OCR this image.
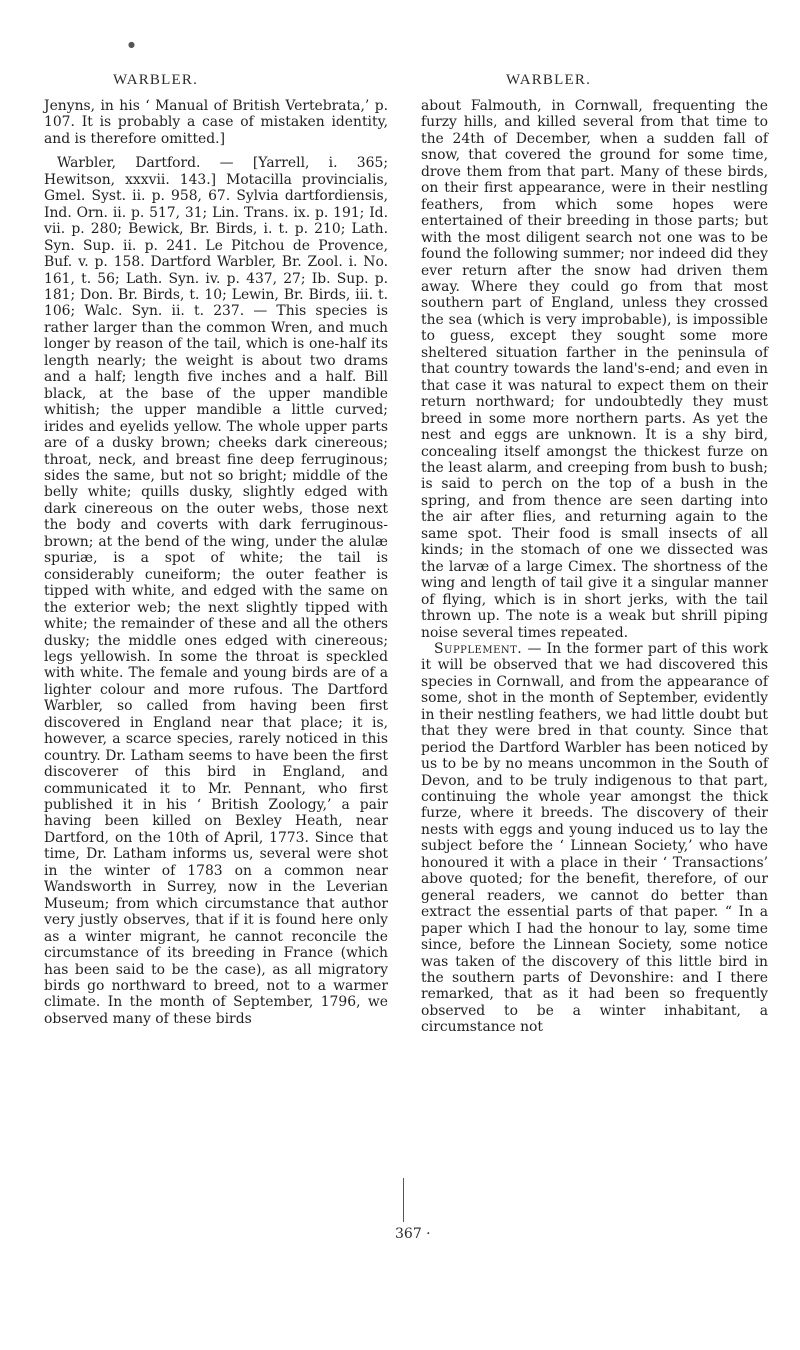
●
WARBLER.	WARBLER.

Jenyns, in his ‘ Manual of British Vertebrata,’ p. 107. It is probably a case of mistaken identity, and is therefore omitted.]

Warbler, Dartford. — [Yarrell, i. 365; Hewitson, xxxvii. 143.] Motacilla provincialis, Gmel. Syst. ii. p. 958, 67. Sylvia dartfordiensis, Ind. Orn. ii. p. 517, 31; Lin. Trans. ix. p. 191; Id. vii. p. 280; Bewick, Br. Birds, i. t. p. 210; Lath. Syn. Sup. ii. p. 241. Le Pitchou de Provence, Buf. v. p. 158. Dartford Warbler, Br. Zool. i. No. 161, t. 56; Lath. Syn. iv. p. 437, 27; Ib. Sup. p. 181; Don. Br. Birds, t. 10; Lewin, Br. Birds, iii. t. 106; Walc. Syn. ii. t. 237. — This species is rather larger than the common Wren, and much longer by reason of the tail, which is one-half its length nearly; the weight is about two drams and a half; length five inches and a half. Bill black, at the base of the upper mandible whitish; the upper mandible a little curved; irides and eyelids yellow. The whole upper parts are of a dusky brown; cheeks dark cinereous; throat, neck, and breast fine deep ferruginous; sides the same, but not so bright; middle of the belly white; quills dusky, slightly edged with dark cinereous on the outer webs, those next the body and coverts with dark ferruginous-brown; at the bend of the wing, under the alulæ spuriæ, is a spot of white; the tail is considerably cuneiform; the outer feather is tipped with white, and edged with the same on the exterior web; the next slightly tipped with white; the remainder of these and all the others dusky; the middle ones edged with cinereous; legs yellowish. In some the throat is speckled with white. The female and young birds are of a lighter colour and more rufous. The Dartford Warbler, so called from having been first discovered in England near that place; it is, however, a scarce species, rarely noticed in this country. Dr. Latham seems to have been the first discoverer of this bird in England, and communicated it to Mr. Pennant, who first published it in his ‘ British Zoology,’ a pair having been killed on Bexley Heath, near Dartford, on the 10th of April, 1773. Since that time, Dr. Latham informs us, several were shot in the winter of 1783 on a common near Wandsworth in Surrey, now in the Leverian Museum; from which circumstance that author very justly observes, that if it is found here only as a winter migrant, he cannot reconcile the circumstance of its breeding in France (which has been said to be the case), as all migratory birds go northward to breed, not to a warmer climate. In the month of September, 1796, we observed many of these birds

about Falmouth, in Cornwall, frequenting the furzy hills, and killed several from that time to the 24th of December, when a sudden fall of snow, that covered the ground for some time, drove them from that part. Many of these birds, on their first appearance, were in their nestling feathers, from which some hopes were entertained of their breeding in those parts; but with the most diligent search not one was to be found the following summer; nor indeed did they ever return after the snow had driven them away. Where they could go from that most southern part of England, unless they crossed the sea (which is very improbable), is impossible to guess, except they sought some more sheltered situation farther in the peninsula of that country towards the land's-end; and even in that case it was natural to expect them on their return northward; for undoubtedly they must breed in some more northern parts. As yet the nest and eggs are unknown. It is a shy bird, concealing itself amongst the thickest furze on the least alarm, and creeping from bush to bush; is said to perch on the top of a bush in the spring, and from thence are seen darting into the air after flies, and returning again to the same spot. Their food is small insects of all kinds; in the stomach of one we dissected was the larvæ of a large Cimex. The shortness of the wing and length of tail give it a singular manner of flying, which is in short jerks, with the tail thrown up. The note is a weak but shrill piping noise several times repeated.

Supplement. — In the former part of this work it will be observed that we had discovered this species in Cornwall, and from the appearance of some, shot in the month of September, evidently in their nestling feathers, we had little doubt but that they were bred in that county. Since that period the Dartford Warbler has been noticed by us to be by no means uncommon in the South of Devon, and to be truly indigenous to that part, continuing the whole year amongst the thick furze, where it breeds. The discovery of their nests with eggs and young induced us to lay the subject before the ‘ Linnean Society,’ who have honoured it with a place in their ‘ Transactions’ above quoted; for the benefit, therefore, of our general readers, we cannot do better than extract the essential parts of that paper. “ In a paper which I had the honour to lay, some time since, before the Linnean Society, some notice was taken of the discovery of this little bird in the southern parts of Devonshire: and I there remarked, that as it had been so frequently observed to be a winter inhabitant, a circumstance not

367 ·
